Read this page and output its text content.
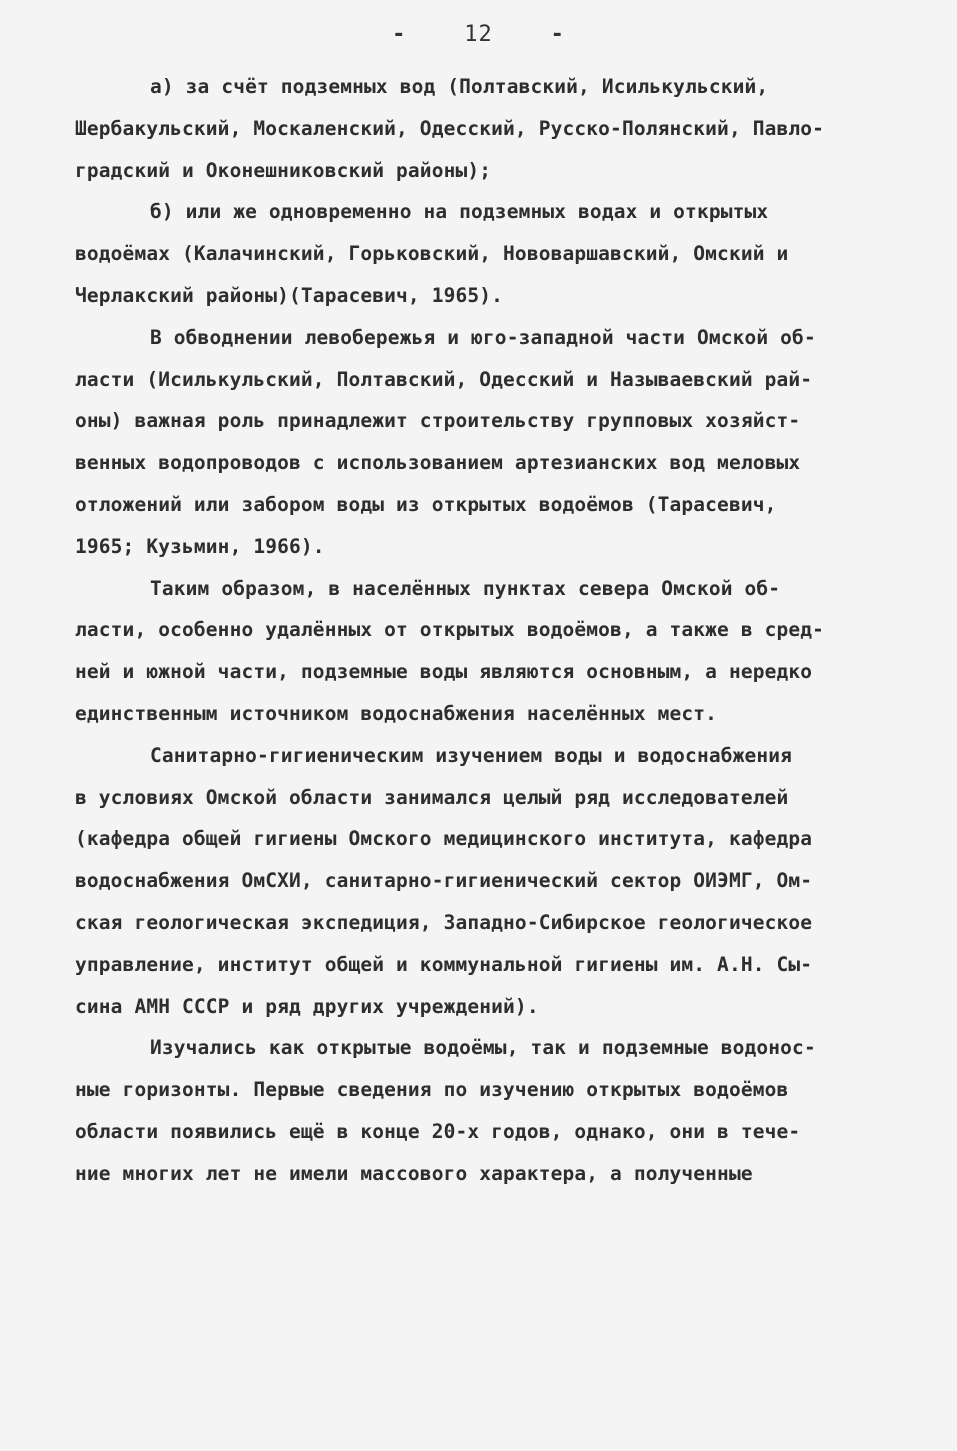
-	12	-
а) за счёт подземных вод (Полтавский, Исилькульский,
Шербакульский, Москаленский, Одесский, Русско-Полянский, Павло-
градский и Оконешниковский районы);
б) или же одновременно на подземных водах и открытых
водоёмах (Калачинский, Горьковский, Нововаршавский, Омский и
Черлакский районы)(Тарасевич, 1965).
В обводнении левобережья и юго-западной части Омской об-
ласти (Исилькульский, Полтавский, Одесский и Называевский рай-
оны) важная роль принадлежит строительству групповых хозяйст-
венных водопроводов с использованием артезианских вод меловых
отложений или забором воды из открытых водоёмов (Тарасевич,
1965; Кузьмин, 1966).
Таким образом, в населённых пунктах севера Омской об-
ласти, особенно удалённых от открытых водоёмов, а также в сред-
ней и южной части, подземные воды являются основным, а нередко
единственным источником водоснабжения населённых мест.
Санитарно-гигиеническим изучением воды и водоснабжения
в условиях Омской области занимался целый ряд исследователей
(кафедра общей гигиены Омского медицинского института, кафедра
водоснабжения ОмСХИ, санитарно-гигиенический сектор ОИЭМГ, Ом-
ская геологическая экспедиция, Западно-Сибирское геологическое
управление, институт общей и коммунальной гигиены им. А.Н. Сы-
сина АМН СССР и ряд других учреждений).
Изучались как открытые водоёмы, так и подземные водонос-
ные горизонты. Первые сведения по изучению открытых водоёмов
области появились ещё в конце 20-х годов, однако, они в тече-
ние многих лет не имели массового характера, а полученные
